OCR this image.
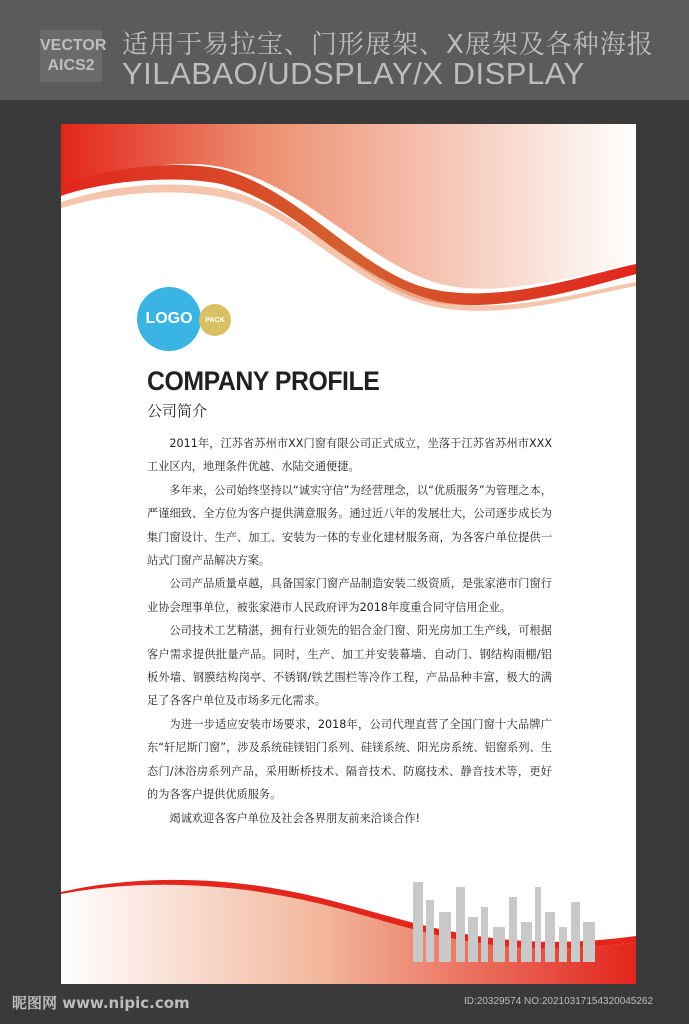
VECTOR
AICS2
适用于易拉宝、门形展架、X展架及各种海报
YILABAO/UDSPLAY/X DISPLAY
LOGO	PACK
COMPANY PROFILE
公司简介

2011年，江苏省苏州市XX门窗有限公司正式成立，坐落于江苏省苏州市XXX工业区内，地理条件优越、水陆交通便捷。

多年来，公司始终坚持以“诚实守信”为经营理念，以“优质服务”为管理之本，严谨细致、全方位为客户提供满意服务。通过近八年的发展壮大，公司逐步成长为集门窗设计、生产、加工、安装为一体的专业化建材服务商，为各客户单位提供一站式门窗产品解决方案。

公司产品质量卓越，具备国家门窗产品制造安装二级资质，是张家港市门窗行业协会理事单位，被张家港市人民政府评为2018年度重合同守信用企业。

公司技术工艺精湛，拥有行业领先的铝合金门窗、阳光房加工生产线，可根据客户需求提供批量产品。同时，生产、加工并安装幕墙、自动门、钢结构雨棚/铝板外墙、钢膜结构岗亭、不锈钢/铁艺围栏等冷作工程，产品品种丰富，极大的满足了各客户单位及市场多元化需求。

为进一步适应安装市场要求，2018年，公司代理直营了全国门窗十大品牌广东“轩尼斯门窗”，涉及系统硅镁铝门系列、硅镁系统、阳光房系统、铝窗系列、生态门/沐浴房系列产品，采用断桥技术、隔音技术、防腐技术、静音技术等，更好的为各客户提供优质服务。

竭诚欢迎各客户单位及社会各界朋友前来洽谈合作!

昵图网 www.nipic.com	ID:20329574 NO:20210317154320045262
